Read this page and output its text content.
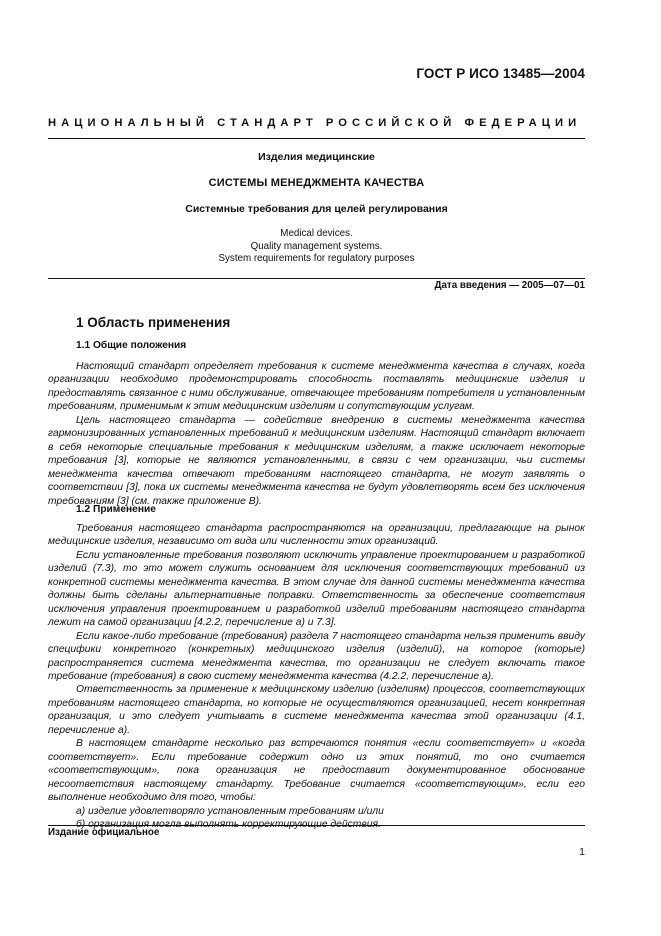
ГОСТ Р ИСО 13485—2004
НАЦИОНАЛЬНЫЙ СТАНДАРТ РОССИЙСКОЙ ФЕДЕРАЦИИ
Изделия медицинские
СИСТЕМЫ МЕНЕДЖМЕНТА КАЧЕСТВА
Системные требования для целей регулирования
Medical devices.
Quality management systems.
System requirements for regulatory purposes
Дата введения — 2005—07—01
1 Область применения
1.1 Общие положения

Настоящий стандарт определяет требования к системе менеджмента качества в случаях, когда организации необходимо продемонстрировать способность поставлять медицинские изделия и предоставлять связанное с ними обслуживание, отвечающее требованиям потребителя и установленным требованиям, применимым к этим медицинским изделиям и сопутствующим услугам.

Цель настоящего стандарта — содействие внедрению в системы менеджмента качества гармонизированных установленных требований к медицинским изделиям. Настоящий стандарт включает в себя некоторые специальные требования к медицинским изделиям, а также исключает некоторые требования [3], которые не являются установленными, в связи с чем организации, чьи системы менеджмента качества отвечают требованиям настоящего стандарта, не могут заявлять о соответствии [3], пока их системы менеджмента качества не будут удовлетворять всем без исключения требованиям [3] (см. также приложение В).

1.2 Применение

Требования настоящего стандарта распространяются на организации, предлагающие на рынок медицинские изделия, независимо от вида или численности этих организаций.

Если установленные требования позволяют исключить управление проектированием и разработкой изделий (7.3), то это может служить основанием для исключения соответствующих требований из конкретной системы менеджмента качества. В этом случае для данной системы менеджмента качества должны быть сделаны альтернативные поправки. Ответственность за обеспечение соответствия исключения управления проектированием и разработкой изделий требованиям настоящего стандарта лежит на самой организации [4.2.2, перечисление а) и 7.3].

Если какое-либо требование (требования) раздела 7 настоящего стандарта нельзя применить ввиду специфики конкретного (конкретных) медицинского изделия (изделий), на которое (которые) распространяется система менеджмента качества, то организации не следует включать такое требование (требования) в свою систему менеджмента качества (4.2.2, перечисление а).

Ответственность за применение к медицинскому изделию (изделиям) процессов, соответствующих требованиям настоящего стандарта, но которые не осуществляются организацией, несет конкретная организация, и это следует учитывать в системе менеджмента качества этой организации (4.1, перечисление а).

В настоящем стандарте несколько раз встречаются понятия «если соответствует» и «когда соответствует». Если требование содержит одно из этих понятий, то оно считается «соответствующим», пока организация не предоставит документированное обоснование несоответствия настоящему стандарту. Требование считается «соответствующим», если его выполнение необходимо для того, чтобы:

а) изделие удовлетворяло установленным требованиям и/или

б) организация могла выполнять корректирующие действия.

Издание официальное
1
